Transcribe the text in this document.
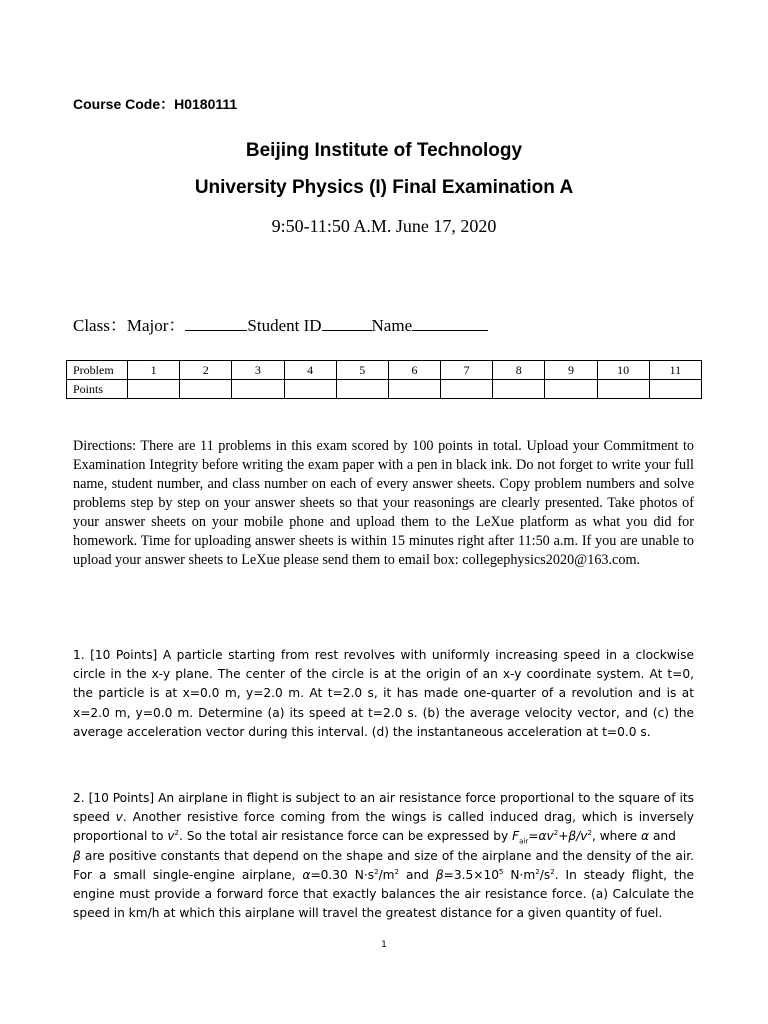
Course Code：H0180111
Beijing Institute of Technology
University Physics (I) Final Examination A
9:50-11:50 A.M. June 17, 2020
Class：Major：	Student ID	Name
Problem	1	2	3	4	5	6	7	8	9	10	11
Points											
Directions: There are 11 problems in this exam scored by 100 points in total. Upload your Commitment to Examination Integrity before writing the exam paper with a pen in black ink. Do not forget to write your full name, student number, and class number on each of every answer sheets. Copy problem numbers and solve problems step by step on your answer sheets so that your reasonings are clearly presented. Take photos of your answer sheets on your mobile phone and upload them to the LeXue platform as what you did for homework. Time for uploading answer sheets is within 15 minutes right after 11:50 a.m. If you are unable to upload your answer sheets to LeXue please send them to email box: collegephysics2020@163.com.
1. [10 Points] A particle starting from rest revolves with uniformly increasing speed in a clockwise circle in the x-y plane. The center of the circle is at the origin of an x-y coordinate system. At t=0, the particle is at x=0.0 m, y=2.0 m. At t=2.0 s, it has made one-quarter of a revolution and is at x=2.0 m, y=0.0 m. Determine (a) its speed at t=2.0 s. (b) the average velocity vector, and (c) the average acceleration vector during this interval. (d) the instantaneous acceleration at t=0.0 s.
2. [10 Points] An airplane in flight is subject to an air resistance force proportional to the square of its speed v. Another resistive force coming from the wings is called induced drag, which is inversely proportional to $v^2$. So the total air resistance force can be expressed by $F_{air}=\alpha v^2+\beta/v^2$, where α and
β are positive constants that depend on the shape and size of the airplane and the density of the air. For a small single-engine airplane, α=0.30 $N\cdot s^2/m^2$ and $\beta=3.5\times 10^5$ $N\cdot m^2/s^2$. In steady flight, the engine must provide a forward force that exactly balances the air resistance force. (a) Calculate the speed in km/h at which this airplane will travel the greatest distance for a given quantity of fuel.
1
